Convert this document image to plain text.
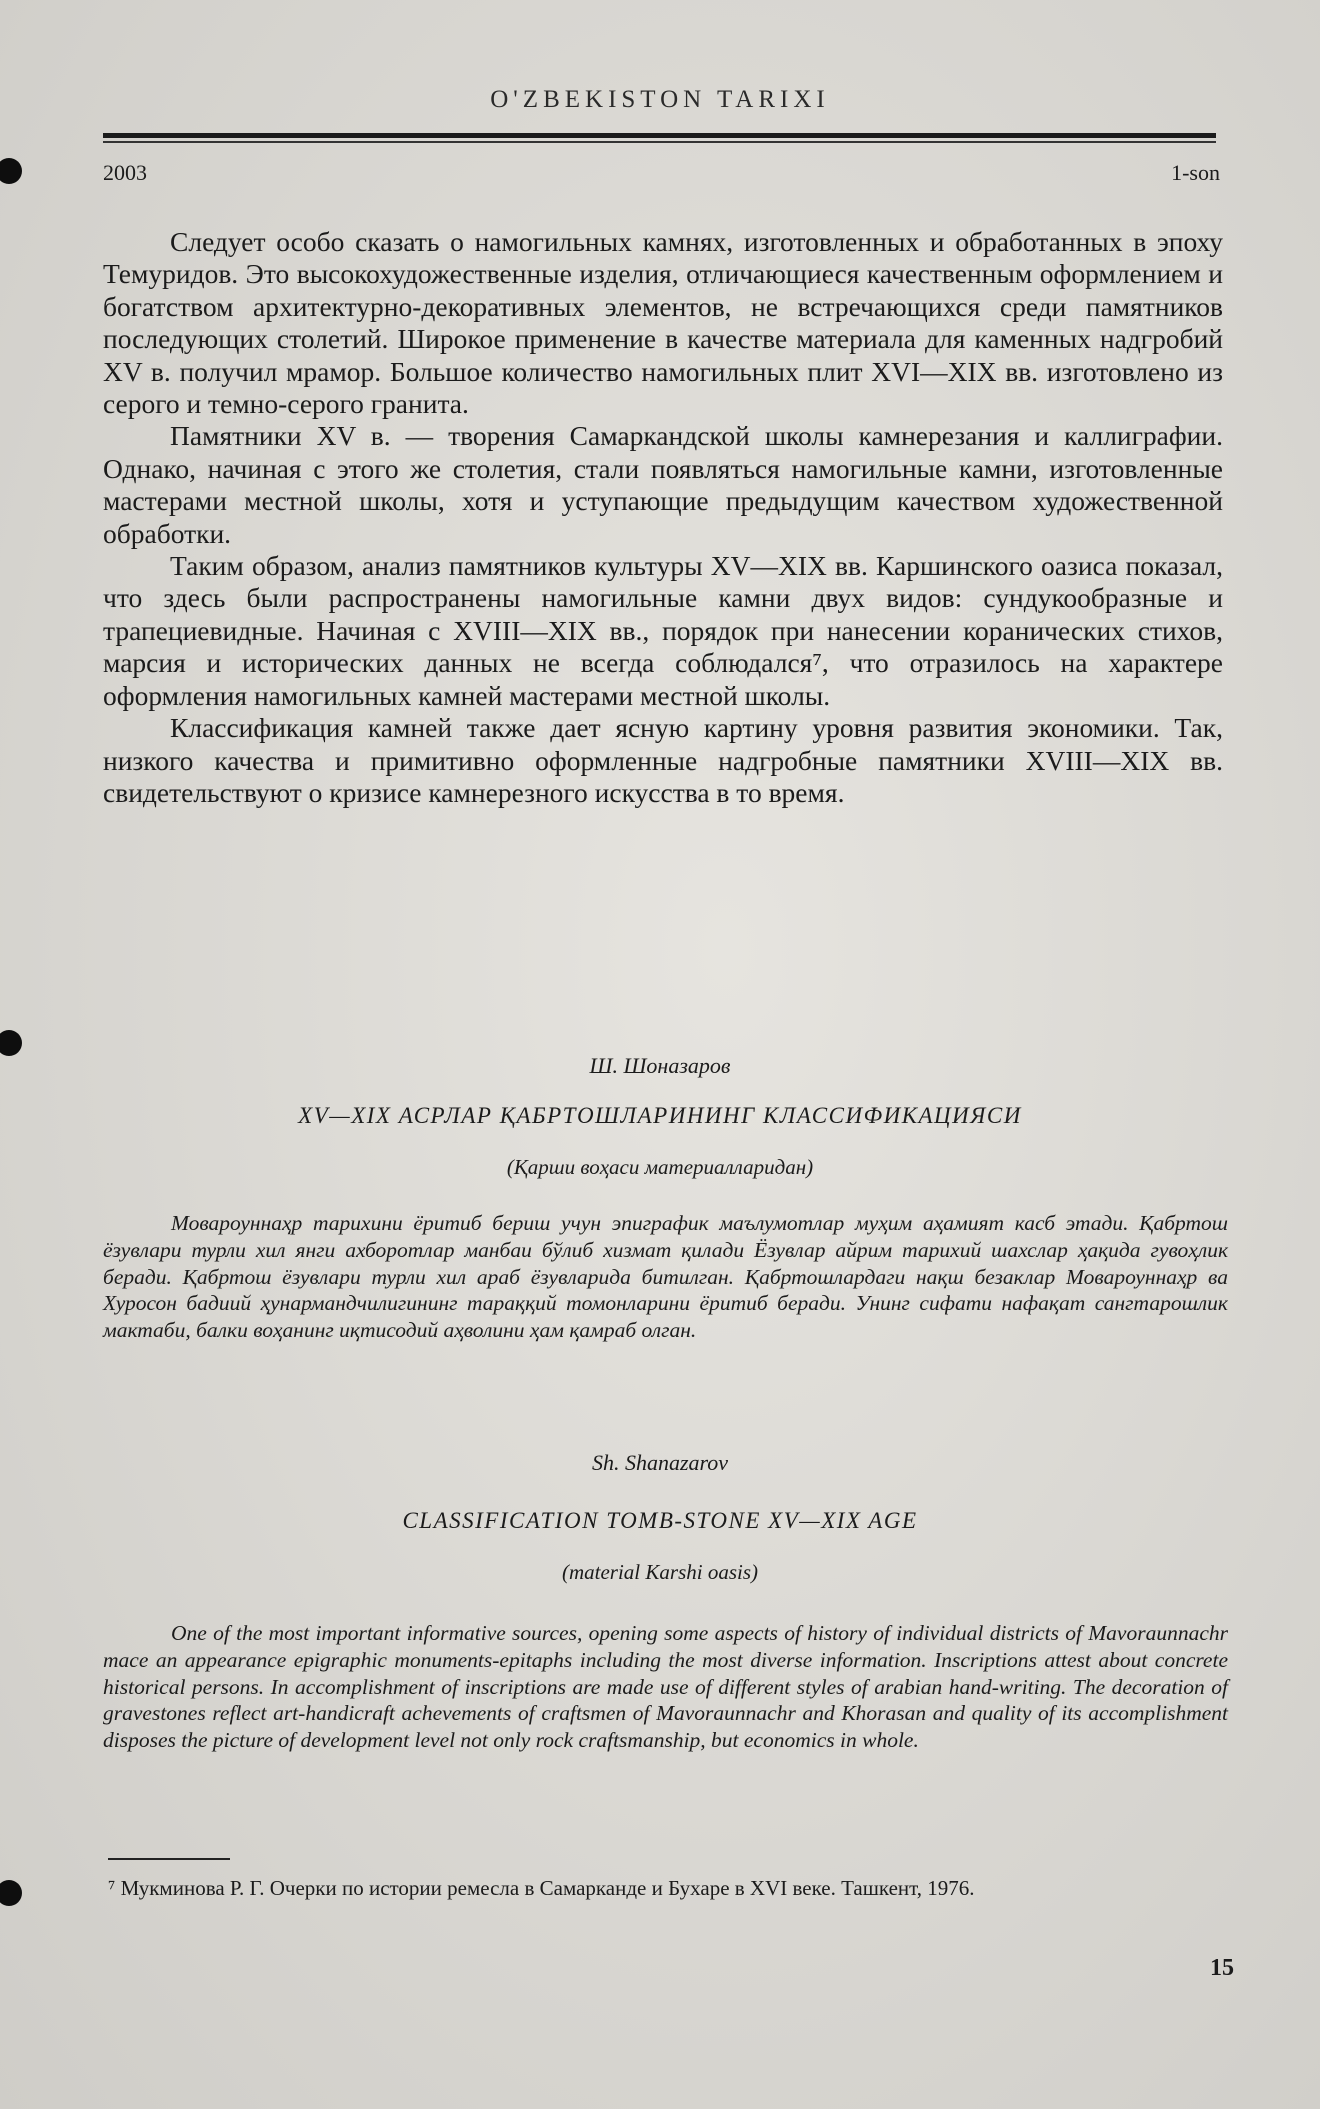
O'ZBEKISTON TARIXI
2003	1-son

Следует особо сказать о намогильных камнях, изготовленных и обработанных в эпоху Темуридов. Это высокохудожественные изделия, отличающиеся качественным оформлением и богатством архитектурно-декоративных элементов, не встречающихся среди памятников последующих столетий. Широкое применение в качестве материала для каменных надгробий XV в. получил мрамор. Большое количество намогильных плит XVI—XIX вв. изготовлено из серого и темно-серого гранита.

Памятники XV в. — творения Самаркандской школы камнерезания и каллиграфии. Однако, начиная с этого же столетия, стали появляться намогильные камни, изготовленные мастерами местной школы, хотя и уступающие предыдущим качеством художественной обработки.

Таким образом, анализ памятников культуры XV—XIX вв. Каршинского оазиса показал, что здесь были распространены намогильные камни двух видов: сундукообразные и трапециевидные. Начиная с XVIII—XIX вв., порядок при нанесении коранических стихов, марсия и исторических данных не всегда соблюдался⁷, что отразилось на характере оформления намогильных камней мастерами местной школы.

Классификация камней также дает ясную картину уровня развития экономики. Так, низкого качества и примитивно оформленные надгробные памятники XVIII—XIX вв. свидетельствуют о кризисе камнерезного искусства в то время.

Ш. Шоназаров
XV—XIX АСРЛАР ҚАБРТОШЛАРИНИНГ КЛАССИФИКАЦИЯСИ
(Қарши воҳаси материалларидан)

Мовароуннаҳр тарихини ёритиб бериш учун эпиграфик маълумотлар муҳим аҳамият касб этади. Қабртош ёзувлари турли хил янги ахборотлар манбаи бўлиб хизмат қилади Ёзувлар айрим тарихий шахслар ҳақида гувоҳлик беради. Қабртош ёзувлари турли хил араб ёзувларида битилган. Қабртошлардаги нақш безаклар Мовароуннаҳр ва Хуросон бадиий ҳунармандчилигининг тараққий томонларини ёритиб беради. Унинг сифати нафақат сангтарошлик мактаби, балки воҳанинг иқтисодий аҳволини ҳам қамраб олган.

Sh. Shanazarov
CLASSIFICATION TOMB-STONE XV—XIX AGE
(material Karshi oasis)

One of the most important informative sources, opening some aspects of history of individual districts of Mavoraunnachr mace an appearance epigraphic monuments-epitaphs including the most diverse information. Inscriptions attest about concrete historical persons. In accomplishment of inscriptions are made use of different styles of arabian hand-writing. The decoration of gravestones reflect art-handicraft achevements of craftsmen of Mavoraunnachr and Khorasan and quality of its accomplishment disposes the picture of development level not only rock craftsmanship, but economics in whole.

⁷ Мукминова Р. Г. Очерки по истории ремесла в Самарканде и Бухаре в XVI веке. Ташкент, 1976.
15
